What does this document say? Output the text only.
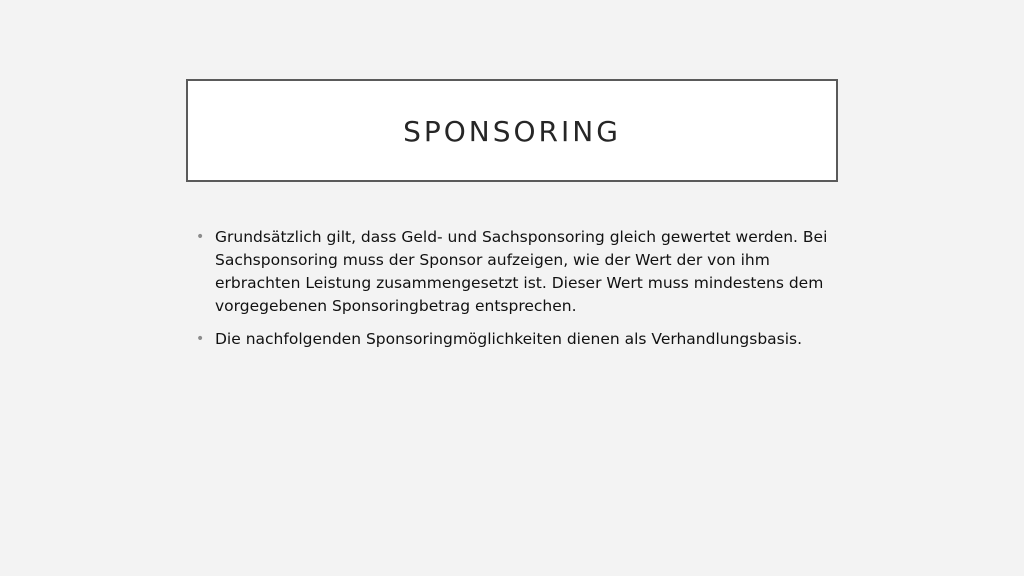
SPONSORING
• Grundsätzlich gilt, dass Geld- und Sachsponsoring gleich gewertet werden. Bei Sachsponsoring muss der Sponsor aufzeigen, wie der Wert der von ihm erbrachten Leistung zusammengesetzt ist. Dieser Wert muss mindestens dem vorgegebenen Sponsoringbetrag entsprechen.
• Die nachfolgenden Sponsoringmöglichkeiten dienen als Verhandlungsbasis.
